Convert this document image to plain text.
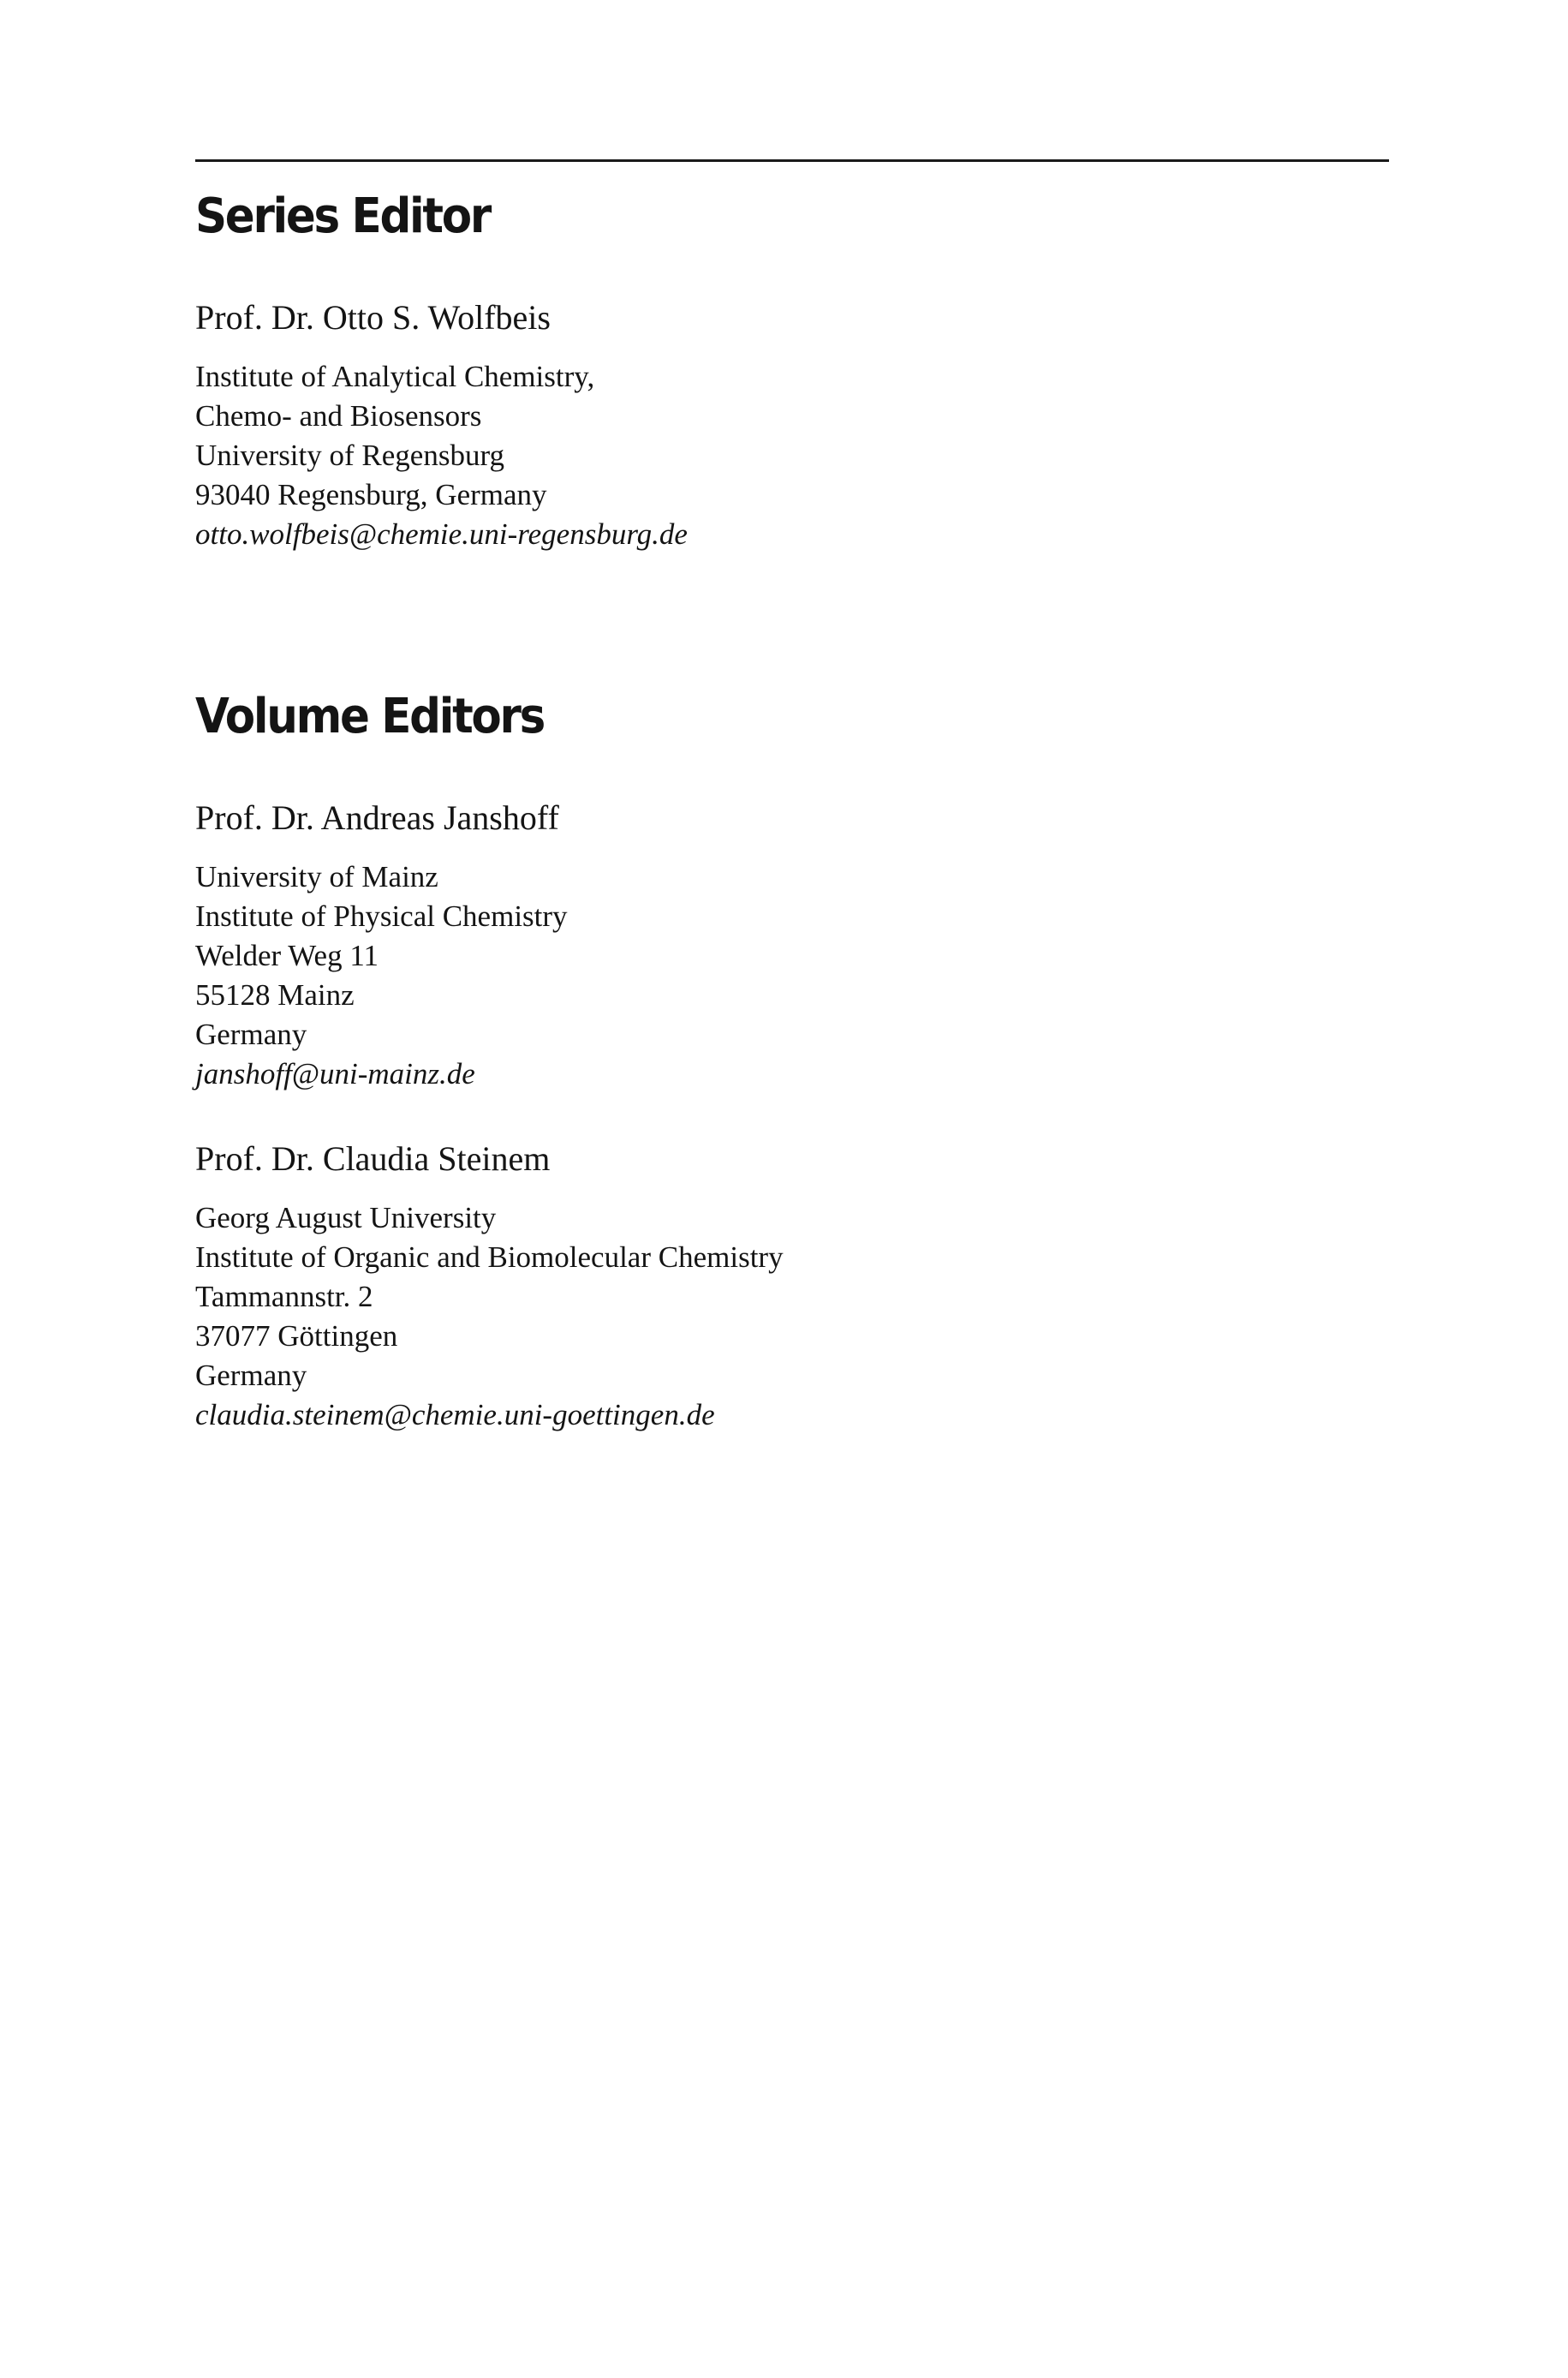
Series Editor

Prof. Dr. Otto S. Wolfbeis

Institute of Analytical Chemistry,

Chemo- and Biosensors

University of Regensburg

93040 Regensburg, Germany

otto.wolfbeis@chemie.uni-regensburg.de

Volume Editors

Prof. Dr. Andreas Janshoff

University of Mainz

Institute of Physical Chemistry

Welder Weg 11

55128 Mainz

Germany

janshoff@uni-mainz.de

Prof. Dr. Claudia Steinem

Georg August University

Institute of Organic and Biomolecular Chemistry

Tammannstr. 2

37077 Göttingen

Germany

claudia.steinem@chemie.uni-goettingen.de
